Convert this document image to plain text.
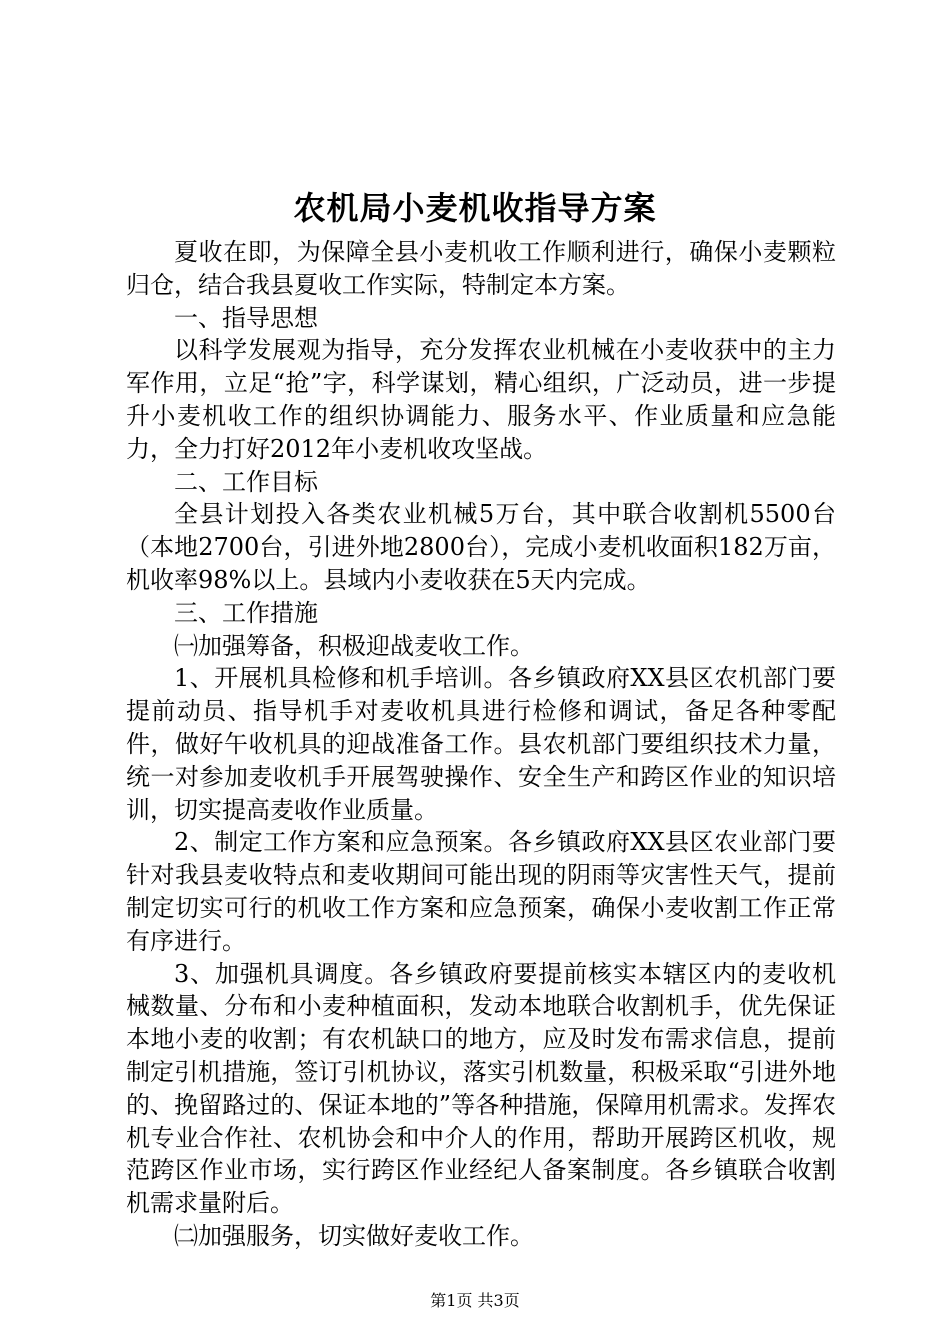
农机局小麦机收指导方案

夏收在即，为保障全县小麦机收工作顺利进行，确保小麦颗粒归仓，结合我县夏收工作实际，特制定本方案。

一、指导思想

以科学发展观为指导，充分发挥农业机械在小麦收获中的主力军作用，立足“抢”字，科学谋划，精心组织，广泛动员，进一步提升小麦机收工作的组织协调能力、服务水平、作业质量和应急能力，全力打好2012年小麦机收攻坚战。

二、工作目标

全县计划投入各类农业机械5万台，其中联合收割机5500台（本地2700台，引进外地2800台），完成小麦机收面积182万亩，机收率98%以上。县域内小麦收获在5天内完成。

三、工作措施

㈠加强筹备，积极迎战麦收工作。

1、开展机具检修和机手培训。各乡镇政府XX县区农机部门要提前动员、指导机手对麦收机具进行检修和调试，备足各种零配件，做好午收机具的迎战准备工作。县农机部门要组织技术力量，统一对参加麦收机手开展驾驶操作、安全生产和跨区作业的知识培训，切实提高麦收作业质量。

2、制定工作方案和应急预案。各乡镇政府XX县区农业部门要针对我县麦收特点和麦收期间可能出现的阴雨等灾害性天气，提前制定切实可行的机收工作方案和应急预案，确保小麦收割工作正常有序进行。

3、加强机具调度。各乡镇政府要提前核实本辖区内的麦收机械数量、分布和小麦种植面积，发动本地联合收割机手，优先保证本地小麦的收割；有农机缺口的地方，应及时发布需求信息，提前制定引机措施，签订引机协议，落实引机数量，积极采取“引进外地的、挽留路过的、保证本地的”等各种措施，保障用机需求。发挥农机专业合作社、农机协会和中介人的作用，帮助开展跨区机收，规范跨区作业市场，实行跨区作业经纪人备案制度。各乡镇联合收割机需求量附后。

㈡加强服务，切实做好麦收工作。

第1页 共3页
